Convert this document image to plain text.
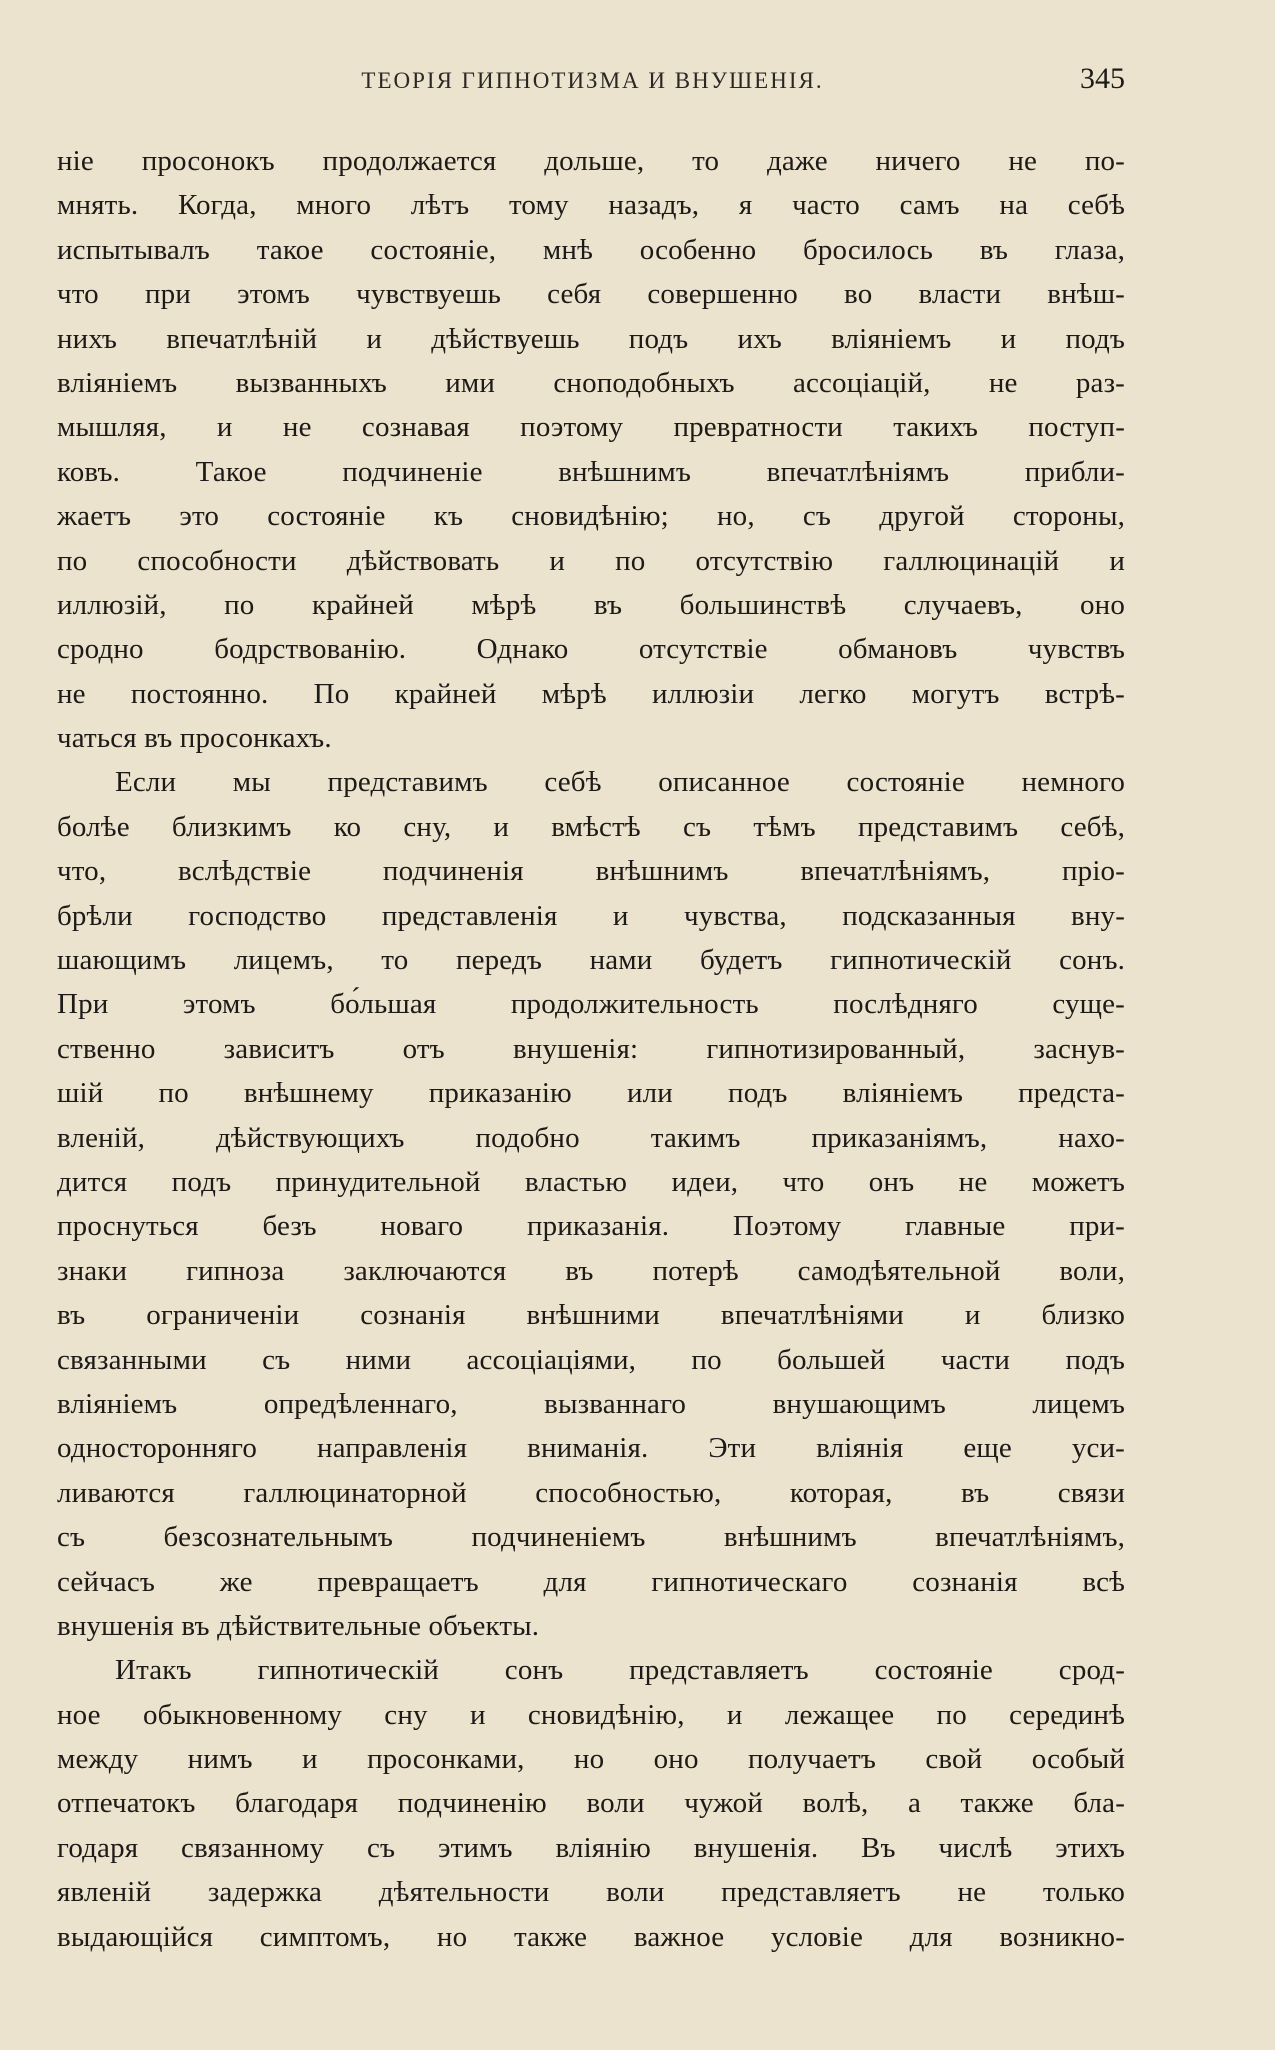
ТЕОРІЯ ГИПНОТИЗМА И ВНУШЕНІЯ.	345
ніе просонокъ продолжается дольше, то даже ничего не по-
мнять. Когда, много лѣтъ тому назадъ, я часто самъ на себѣ
испытывалъ такое состояніе, мнѣ особенно бросилось въ глаза,
что при этомъ чувствуешь себя совершенно во власти внѣш-
нихъ впечатлѣній и дѣйствуешь подъ ихъ вліяніемъ и подъ
вліяніемъ вызванныхъ ими сноподобныхъ ассоціацій, не раз-
мышляя, и не сознавая поэтому превратности такихъ поступ-
ковъ. Такое подчиненіе внѣшнимъ впечатлѣніямъ прибли-
жаетъ это состояніе къ сновидѣнію; но, съ другой стороны,
по способности дѣйствовать и по отсутствію галлюцинацій и
иллюзій, по крайней мѣрѣ въ большинствѣ случаевъ, оно
сродно бодрствованію. Однако отсутствіе обмановъ чувствъ
не постоянно. По крайней мѣрѣ иллюзіи легко могутъ встрѣ-
чаться въ просонкахъ.
Если мы представимъ себѣ описанное состояніе немного
болѣе близкимъ ко сну, и вмѣстѣ съ тѣмъ представимъ себѣ,
что, вслѣдствіе подчиненія внѣшнимъ впечатлѣніямъ, пріо-
брѣли господство представленія и чувства, подсказанныя вну-
шающимъ лицемъ, то передъ нами будетъ гипнотическій сонъ.
При этомъ бо́льшая продолжительность послѣдняго суще-
ственно зависитъ отъ внушенія: гипнотизированный, заснув-
шій по внѣшнему приказанію или подъ вліяніемъ предста-
вленій, дѣйствующихъ подобно такимъ приказаніямъ, нахо-
дится подъ принудительной властью идеи, что онъ не можетъ
проснуться безъ новаго приказанія. Поэтому главные при-
знаки гипноза заключаются въ потерѣ самодѣятельной воли,
въ ограниченіи сознанія внѣшними впечатлѣніями и близко
связанными съ ними ассоціаціями, по большей части подъ
вліяніемъ опредѣленнаго, вызваннаго внушающимъ лицемъ
односторонняго направленія вниманія. Эти вліянія еще уси-
ливаются галлюцинаторной способностью, которая, въ связи
съ безсознательнымъ подчиненіемъ внѣшнимъ впечатлѣніямъ,
сейчасъ же превращаетъ для гипнотическаго сознанія всѣ
внушенія въ дѣйствительные объекты.
Итакъ гипнотическій сонъ представляетъ состояніе срод-
ное обыкновенному сну и сновидѣнію, и лежащее по серединѣ
между нимъ и просонками, но оно получаетъ свой особый
отпечатокъ благодаря подчиненію воли чужой волѣ, а также бла-
годаря связанному съ этимъ вліянію внушенія. Въ числѣ этихъ
явленій задержка дѣятельности воли представляетъ не только
выдающійся симптомъ, но также важное условіе для возникно-
